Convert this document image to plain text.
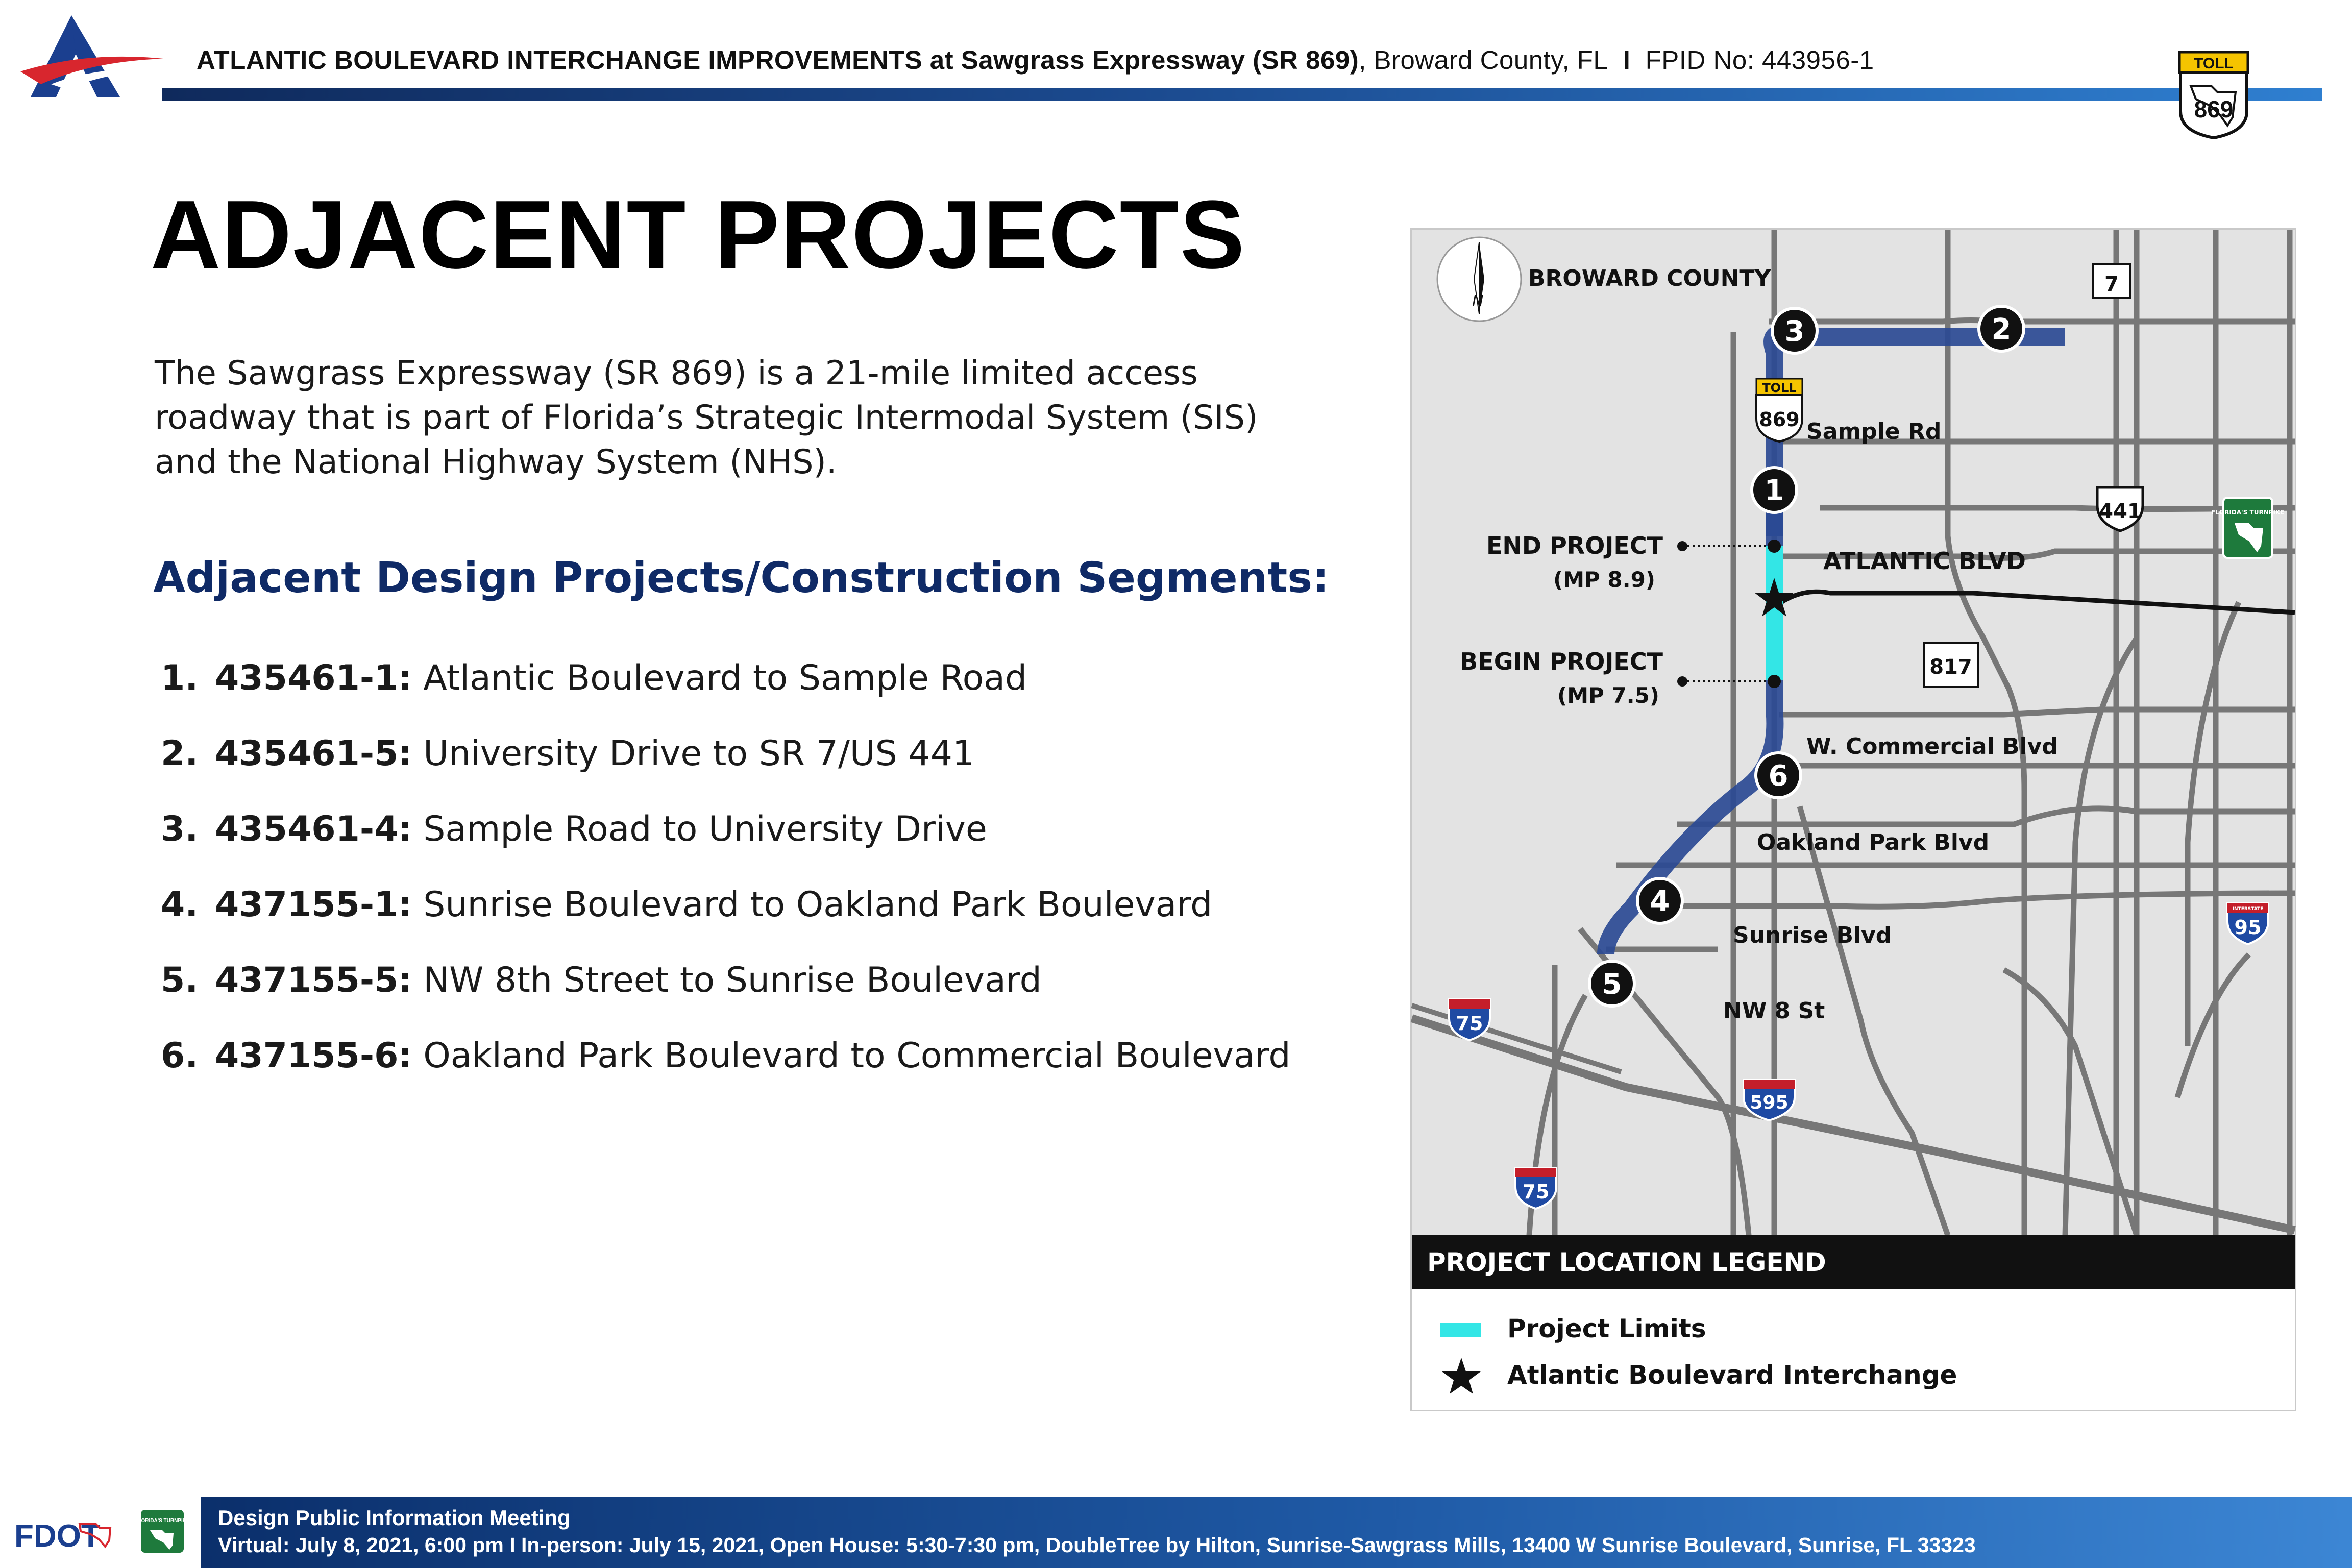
ATLANTIC BOULEVARD INTERCHANGE IMPROVEMENTS at Sawgrass Expressway (SR 869), Broward County, FL I FPID No: 443956-1	TOLL
869
ADJACENT PROJECTS
The Sawgrass Expressway (SR 869) is a 21-mile limited access roadway that is part of Florida’s Strategic Intermodal System (SIS) and the National Highway System (NHS).
Adjacent Design Projects/Construction Segments:
1. 435461-1: Atlantic Boulevard to Sample Road
2. 435461-5: University Drive to SR 7/US 441
3. 435461-4: Sample Road to University Drive
4. 437155-1: Sunrise Boulevard to Oakland Park Boulevard
5. 437155-5: NW 8th Street to Sunrise Boulevard
6. 437155-6: Oakland Park Boulevard to Commercial Boulevard
END PROJECT
(MP 8.9)
BEGIN PROJECT
(MP 7.5)
Sample Rd
ATLANTIC BLVD
W. Commercial Blvd
Oakland Park Blvd
Sunrise Blvd
NW 8 St
N
BROWARD COUNTY	7
441
817
TOLL
869
FLORIDA'S TURNPIKE
INTERSTATE
95
75
75
595
1
2
3
4
5
6
PROJECT LOCATION LEGEND
Project Limits
Atlantic Boulevard Interchange
FDOT	FLORIDA'S TURNPIKE Design Public Information Meeting
Virtual: July 8, 2021, 6:00 pm I In-person: July 15, 2021, Open House: 5:30-7:30 pm, DoubleTree by Hilton, Sunrise-Sawgrass Mills, 13400 W Sunrise Boulevard, Sunrise, FL 33323
